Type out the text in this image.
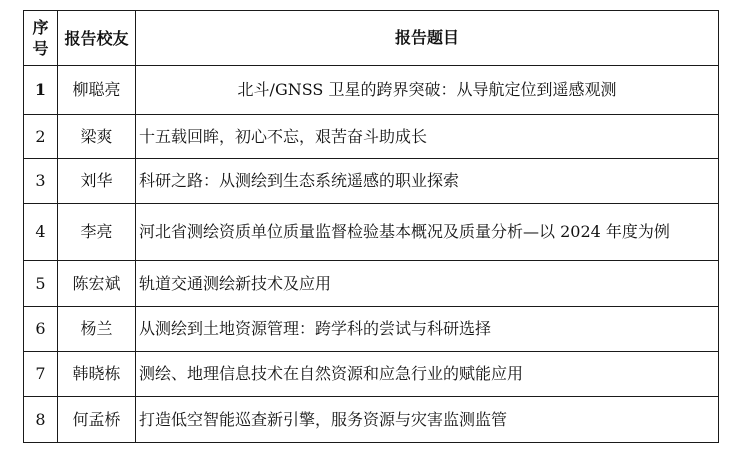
序号	报告校友	报告题目
1	柳聪亮	北斗/GNSS 卫星的跨界突破：从导航定位到遥感观测
2	梁爽	十五载回眸，初心不忘，艰苦奋斗助成长
3	刘华	科研之路：从测绘到生态系统遥感的职业探索
4	李亮	河北省测绘资质单位质量监督检验基本概况及质量分析—以 2024 年度为例
5	陈宏斌	轨道交通测绘新技术及应用
6	杨兰	从测绘到土地资源管理：跨学科的尝试与科研选择
7	韩晓栋	测绘、地理信息技术在自然资源和应急行业的赋能应用
8	何孟桥	打造低空智能巡查新引擎，服务资源与灾害监测监管
